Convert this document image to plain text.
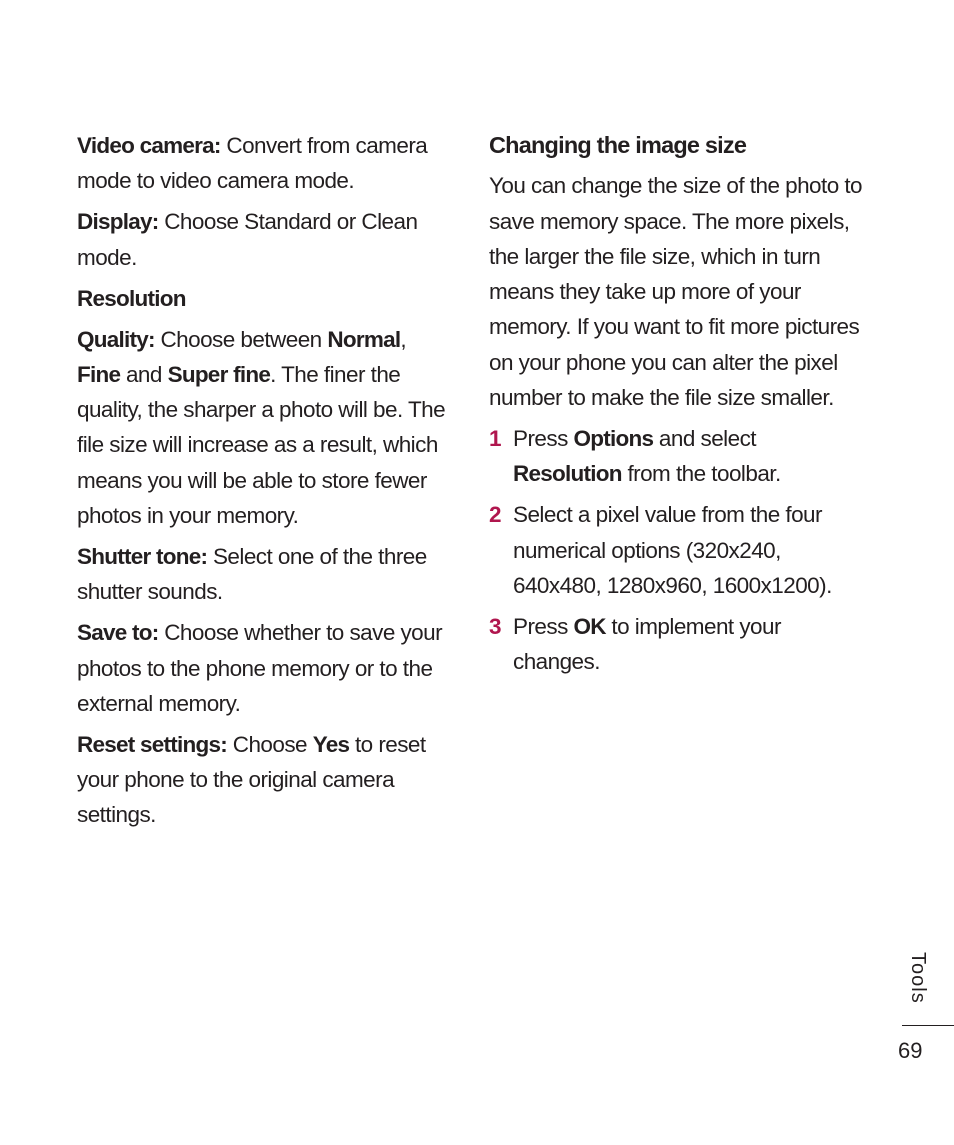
Video camera: Convert from camera mode to video camera mode.

Display: Choose Standard or Clean mode.

Resolution

Quality: Choose between Normal,
Fine and Super fine. The finer the quality, the sharper a photo will be. The file size will increase as a result, which means you will be able to store fewer photos in your memory.

Shutter tone: Select one of the three shutter sounds.

Save to: Choose whether to save your photos to the phone memory or to the external memory.

Reset settings: Choose Yes to reset your phone to the original camera settings.

Changing the image size

You can change the size of the photo to save memory space. The more pixels, the larger the file size, which in turn means they take up more of your memory. If you want to fit more pictures on your phone you can alter the pixel number to make the file size smaller.

1 Press Options and select
Resolution from the toolbar.

2 Select a pixel value from the four numerical options (320x240, 640x480, 1280x960, 1600x1200).

3 Press OK to implement your changes.

Tools
69
